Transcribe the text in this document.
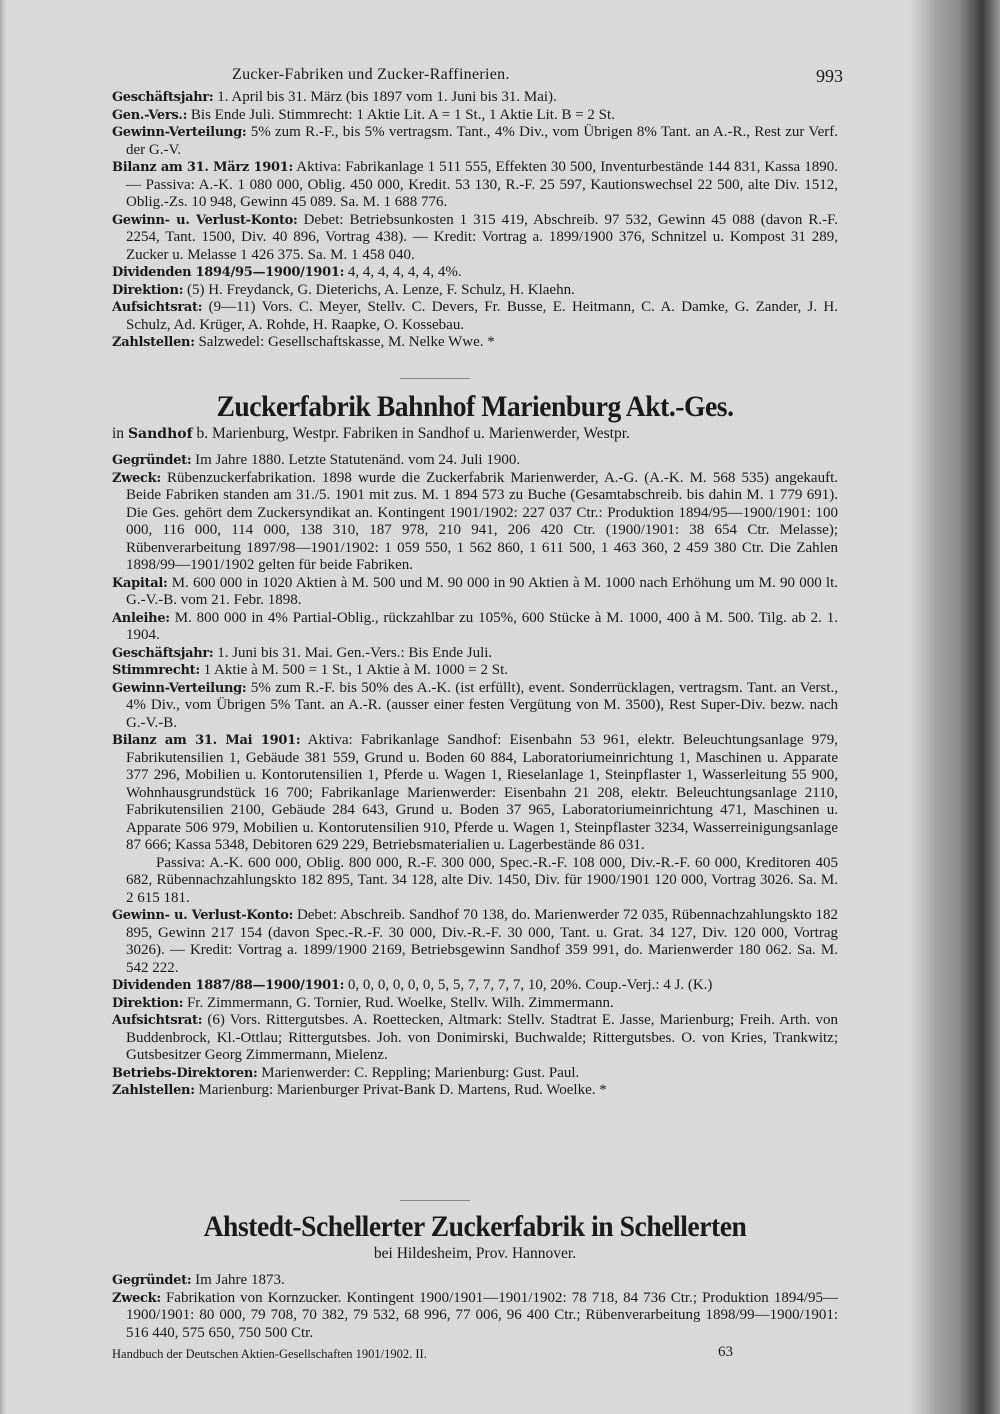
Zucker-Fabriken und Zucker-Raffinerien.	993
Geschäftsjahr: 1. April bis 31. März (bis 1897 vom 1. Juni bis 31. Mai).
Gen.-Vers.: Bis Ende Juli. Stimmrecht: 1 Aktie Lit. A = 1 St., 1 Aktie Lit. B = 2 St.
Gewinn-Verteilung: 5% zum R.-F., bis 5% vertragsm. Tant., 4% Div., vom Übrigen 8% Tant. an A.-R., Rest zur Verf. der G.-V.
Bilanz am 31. März 1901: Aktiva: Fabrikanlage 1 511 555, Effekten 30 500, Inventurbestände 144 831, Kassa 1890. — Passiva: A.-K. 1 080 000, Oblig. 450 000, Kredit. 53 130, R.-F. 25 597, Kautionswechsel 22 500, alte Div. 1512, Oblig.-Zs. 10 948, Gewinn 45 089. Sa. M. 1 688 776.
Gewinn- u. Verlust-Konto: Debet: Betriebsunkosten 1 315 419, Abschreib. 97 532, Gewinn 45 088 (davon R.-F. 2254, Tant. 1500, Div. 40 896, Vortrag 438). — Kredit: Vortrag a. 1899/1900 376, Schnitzel u. Kompost 31 289, Zucker u. Melasse 1 426 375. Sa. M. 1 458 040.
Dividenden 1894/95—1900/1901: 4, 4, 4, 4, 4, 4, 4%.
Direktion: (5) H. Freydanck, G. Dieterichs, A. Lenze, F. Schulz, H. Klaehn.
Aufsichtsrat: (9—11) Vors. C. Meyer, Stellv. C. Devers, Fr. Busse, E. Heitmann, C. A. Damke, G. Zander, J. H. Schulz, Ad. Krüger, A. Rohde, H. Raapke, O. Kossebau.
Zahlstellen: Salzwedel: Gesellschaftskasse, M. Nelke Wwe. *
Zuckerfabrik Bahnhof Marienburg Akt.-Ges.
in Sandhof b. Marienburg, Westpr. Fabriken in Sandhof u. Marienwerder, Westpr.
Gegründet: Im Jahre 1880. Letzte Statutenänd. vom 24. Juli 1900.
Zweck: Rübenzuckerfabrikation. 1898 wurde die Zuckerfabrik Marienwerder, A.-G. (A.-K. M. 568 535) angekauft. Beide Fabriken standen am 31./5. 1901 mit zus. M. 1 894 573 zu Buche (Gesamtabschreib. bis dahin M. 1 779 691). Die Ges. gehört dem Zuckersyndikat an. Kontingent 1901/1902: 227 037 Ctr.: Produktion 1894/95—1900/1901: 100 000, 116 000, 114 000, 138 310, 187 978, 210 941, 206 420 Ctr. (1900/1901: 38 654 Ctr. Melasse); Rübenverarbeitung 1897/98—1901/1902: 1 059 550, 1 562 860, 1 611 500, 1 463 360, 2 459 380 Ctr. Die Zahlen 1898/99—1901/1902 gelten für beide Fabriken.
Kapital: M. 600 000 in 1020 Aktien à M. 500 und M. 90 000 in 90 Aktien à M. 1000 nach Erhöhung um M. 90 000 lt. G.-V.-B. vom 21. Febr. 1898.
Anleihe: M. 800 000 in 4% Partial-Oblig., rückzahlbar zu 105%, 600 Stücke à M. 1000, 400 à M. 500. Tilg. ab 2. 1. 1904.
Geschäftsjahr: 1. Juni bis 31. Mai. Gen.-Vers.: Bis Ende Juli.
Stimmrecht: 1 Aktie à M. 500 = 1 St., 1 Aktie à M. 1000 = 2 St.
Gewinn-Verteilung: 5% zum R.-F. bis 50% des A.-K. (ist erfüllt), event. Sonderrücklagen, vertragsm. Tant. an Verst., 4% Div., vom Übrigen 5% Tant. an A.-R. (ausser einer festen Vergütung von M. 3500), Rest Super-Div. bezw. nach G.-V.-B.
Bilanz am 31. Mai 1901: Aktiva: Fabrikanlage Sandhof: Eisenbahn 53 961, elektr. Beleuchtungsanlage 979, Fabrikutensilien 1, Gebäude 381 559, Grund u. Boden 60 884, Laboratoriumeinrichtung 1, Maschinen u. Apparate 377 296, Mobilien u. Kontorutensilien 1, Pferde u. Wagen 1, Rieselanlage 1, Steinpflaster 1, Wasserleitung 55 900, Wohnhausgrundstück 16 700; Fabrikanlage Marienwerder: Eisenbahn 21 208, elektr. Beleuchtungsanlage 2110, Fabrikutensilien 2100, Gebäude 284 643, Grund u. Boden 37 965, Laboratoriumeinrichtung 471, Maschinen u. Apparate 506 979, Mobilien u. Kontorutensilien 910, Pferde u. Wagen 1, Steinpflaster 3234, Wasserreinigungsanlage 87 666; Kassa 5348, Debitoren 629 229, Betriebsmaterialien u. Lagerbestände 86 031.
Passiva: A.-K. 600 000, Oblig. 800 000, R.-F. 300 000, Spec.-R.-F. 108 000, Div.-R.-F. 60 000, Kreditoren 405 682, Rübennachzahlungskto 182 895, Tant. 34 128, alte Div. 1450, Div. für 1900/1901 120 000, Vortrag 3026. Sa. M. 2 615 181.
Gewinn- u. Verlust-Konto: Debet: Abschreib. Sandhof 70 138, do. Marienwerder 72 035, Rübennachzahlungskto 182 895, Gewinn 217 154 (davon Spec.-R.-F. 30 000, Div.-R.-F. 30 000, Tant. u. Grat. 34 127, Div. 120 000, Vortrag 3026). — Kredit: Vortrag a. 1899/1900 2169, Betriebsgewinn Sandhof 359 991, do. Marienwerder 180 062. Sa. M. 542 222.
Dividenden 1887/88—1900/1901: 0, 0, 0, 0, 0, 0, 5, 5, 7, 7, 7, 7, 10, 20%. Coup.-Verj.: 4 J. (K.)
Direktion: Fr. Zimmermann, G. Tornier, Rud. Woelke, Stellv. Wilh. Zimmermann.
Aufsichtsrat: (6) Vors. Rittergutsbes. A. Roettecken, Altmark: Stellv. Stadtrat E. Jasse, Marienburg; Freih. Arth. von Buddenbrock, Kl.-Ottlau; Rittergutsbes. Joh. von Donimirski, Buchwalde; Rittergutsbes. O. von Kries, Trankwitz; Gutsbesitzer Georg Zimmermann, Mielenz.
Betriebs-Direktoren: Marienwerder: C. Reppling; Marienburg: Gust. Paul.
Zahlstellen: Marienburg: Marienburger Privat-Bank D. Martens, Rud. Woelke. *
Ahstedt-Schellerter Zuckerfabrik in Schellerten
bei Hildesheim, Prov. Hannover.
Gegründet: Im Jahre 1873.
Zweck: Fabrikation von Kornzucker. Kontingent 1900/1901—1901/1902: 78 718, 84 736 Ctr.; Produktion 1894/95—1900/1901: 80 000, 79 708, 70 382, 79 532, 68 996, 77 006, 96 400 Ctr.; Rübenverarbeitung 1898/99—1900/1901: 516 440, 575 650, 750 500 Ctr.
Handbuch der Deutschen Aktien-Gesellschaften 1901/1902. II.	63
